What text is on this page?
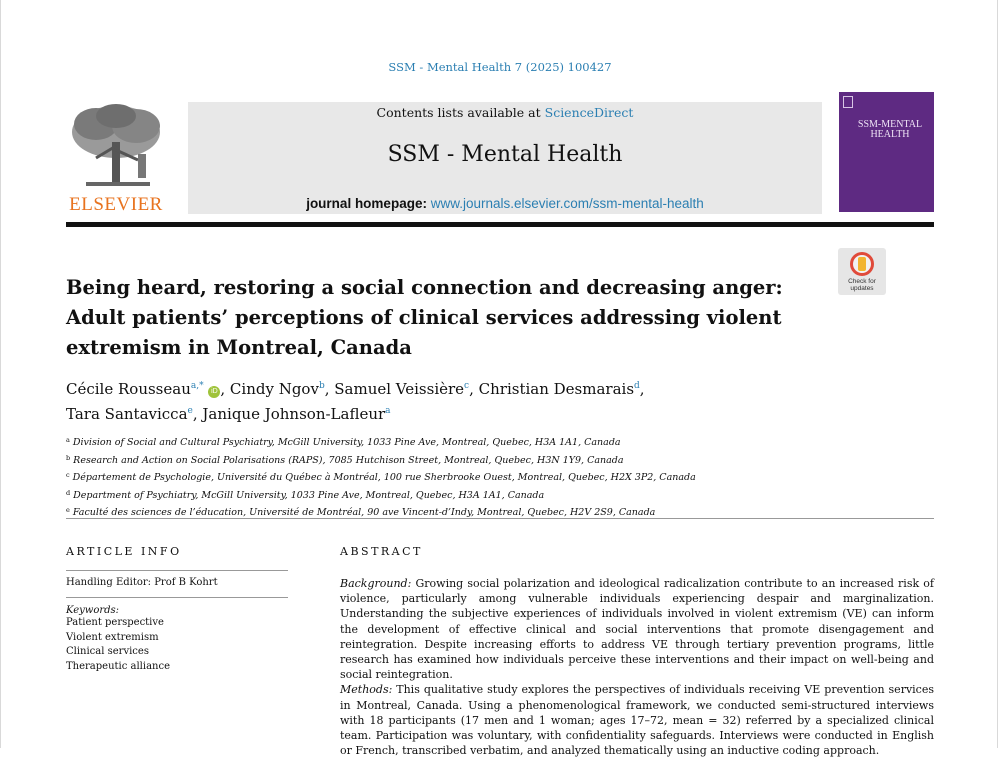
SSM - Mental Health 7 (2025) 100427
ELSEVIER
Contents lists available at ScienceDirect
SSM - Mental Health
journal homepage: www.journals.elsevier.com/ssm-mental-health
SSM-MENTAL HEALTH
Check for updates
Being heard, restoring a social connection and decreasing anger: Adult patients’ perceptions of clinical services addressing violent extremism in Montreal, Canada
Cécile Rousseau$^{a,*}$ iD , Cindy Ngov$^b$, Samuel Veissière$^c$, Christian Desmarais$^d$,
Tara Santavicca$^e$, Janique Johnson-Lafleur$^a$
$^a$ Division of Social and Cultural Psychiatry, McGill University, 1033 Pine Ave, Montreal, Quebec, H3A 1A1, Canada
$^b$ Research and Action on Social Polarisations (RAPS), 7085 Hutchison Street, Montreal, Quebec, H3N 1Y9, Canada
$^c$ Département de Psychologie, Université du Québec à Montréal, 100 rue Sherbrooke Ouest, Montreal, Quebec, H2X 3P2, Canada
$^d$ Department of Psychiatry, McGill University, 1033 Pine Ave, Montreal, Quebec, H3A 1A1, Canada
$^e$ Faculté des sciences de l’éducation, Université de Montréal, 90 ave Vincent-d’Indy, Montreal, Quebec, H2V 2S9, Canada
ARTICLE INFO	ABSTRACT
Handling Editor: Prof B Kohrt
Keywords:
Patient perspective
Violent extremism
Clinical services
Therapeutic alliance
Background: Growing social polarization and ideological radicalization contribute to an increased risk of violence, particularly among vulnerable individuals experiencing despair and marginalization. Understanding the subjective experiences of individuals involved in violent extremism (VE) can inform the development of effective clinical and social interventions that promote disengagement and reintegration. Despite increasing efforts to address VE through tertiary prevention programs, little research has examined how individuals perceive these interventions and their impact on well-being and social reintegration.
Methods: This qualitative study explores the perspectives of individuals receiving VE prevention services in Montreal, Canada. Using a phenomenological framework, we conducted semi-structured interviews with 18 participants (17 men and 1 woman; ages 17–72, mean = 32) referred by a specialized clinical team. Participation was voluntary, with confidentiality safeguards. Interviews were conducted in English or French, transcribed verbatim, and analyzed thematically using an inductive coding approach.
